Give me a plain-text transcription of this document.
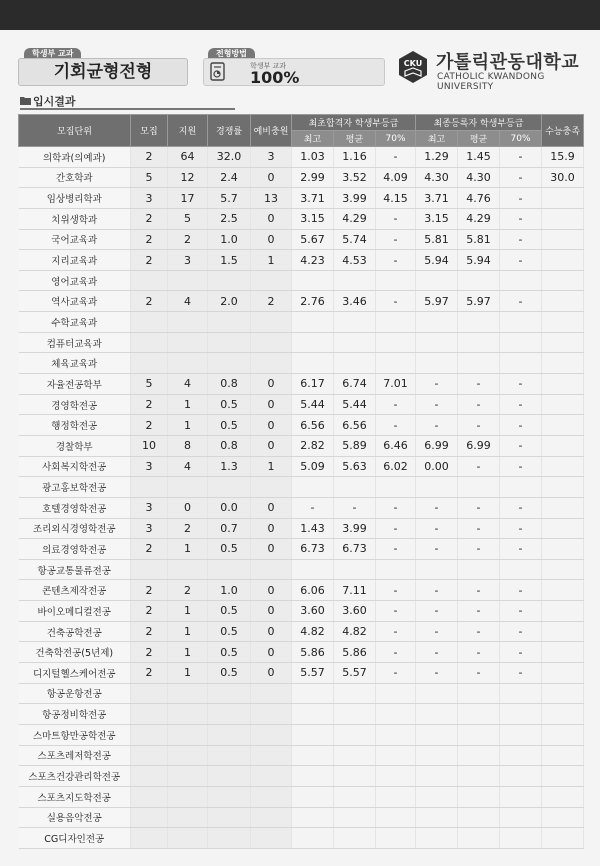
학생부 교과
기회균형전형
전형방법
학생부 교과
100%
CKU 가톨릭관동대학교
CATHOLIC KWANDONG UNIVERSITY
입시결과
모집단위	모집	지원	경쟁률	예비충원	최초합격자 학생부등급			최종등록자 학생부등급			수능충족
					최고	평균	70%	최고	평균	70%	
의학과(의예과)	2	64	32.0	3	1.03	1.16	-	1.29	1.45	-	15.9
간호학과	5	12	2.4	0	2.99	3.52	4.09	4.30	4.30	-	30.0
임상병리학과	3	17	5.7	13	3.71	3.99	4.15	3.71	4.76	-	
치위생학과	2	5	2.5	0	3.15	4.29	-	3.15	4.29	-	
국어교육과	2	2	1.0	0	5.67	5.74	-	5.81	5.81	-	
지리교육과	2	3	1.5	1	4.23	4.53	-	5.94	5.94	-	
영어교육과											
역사교육과	2	4	2.0	2	2.76	3.46	-	5.97	5.97	-	
수학교육과											
컴퓨터교육과											
체육교육과											
자율전공학부	5	4	0.8	0	6.17	6.74	7.01	-	-	-	
경영학전공	2	1	0.5	0	5.44	5.44	-	-	-	-	
행정학전공	2	1	0.5	0	6.56	6.56	-	-	-	-	
경찰학부	10	8	0.8	0	2.82	5.89	6.46	6.99	6.99	-	
사회복지학전공	3	4	1.3	1	5.09	5.63	6.02	0.00	-	-	
광고홍보학전공											
호텔경영학전공	3	0	0.0	0	-	-	-	-	-	-	
조리외식경영학전공	3	2	0.7	0	1.43	3.99	-	-	-	-	
의료경영학전공	2	1	0.5	0	6.73	6.73	-	-	-	-	
항공교통물류전공											
콘텐츠제작전공	2	2	1.0	0	6.06	7.11	-	-	-	-	
바이오메디컬전공	2	1	0.5	0	3.60	3.60	-	-	-	-	
건축공학전공	2	1	0.5	0	4.82	4.82	-	-	-	-	
건축학전공(5년제)	2	1	0.5	0	5.86	5.86	-	-	-	-	
디지털헬스케어전공	2	1	0.5	0	5.57	5.57	-	-	-	-	
항공운항전공											
항공정비학전공											
스마트항만공학전공											
스포츠레저학전공											
스포츠건강관리학전공											
스포츠지도학전공											
실용음악전공											
CG디자인전공											
